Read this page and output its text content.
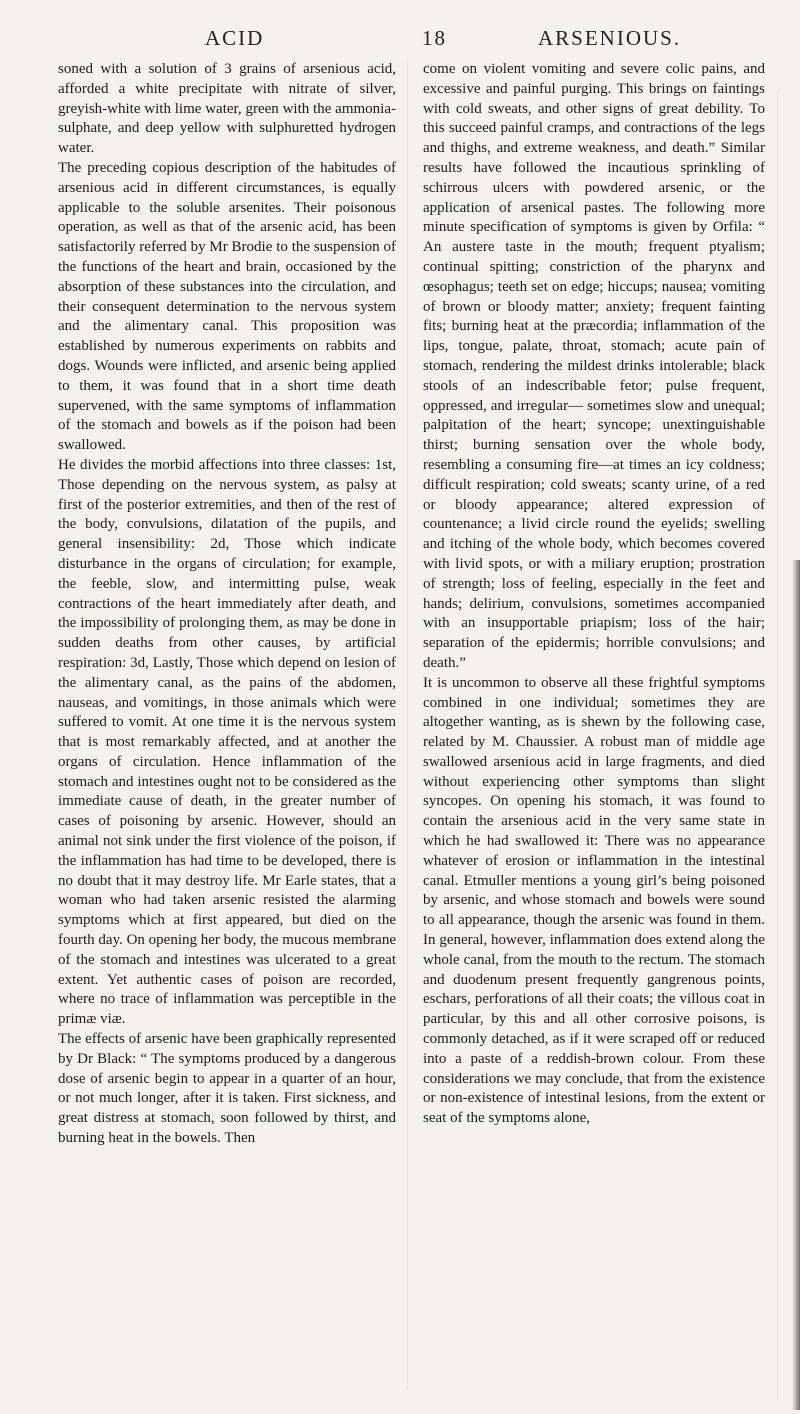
ACID	18	ARSENIOUS.

soned with a solution of 3 grains of arsenious acid, afforded a white precipitate with nitrate of silver, greyish-white with lime water, green with the ammonia-sulphate, and deep yellow with sulphuretted hydrogen water.

The preceding copious description of the habitudes of arsenious acid in different circumstances, is equally applicable to the soluble arsenites. Their poisonous operation, as well as that of the arsenic acid, has been satisfactorily referred by Mr Brodie to the suspension of the functions of the heart and brain, occasioned by the absorption of these substances into the circulation, and their consequent determination to the nervous system and the alimentary canal. This proposition was established by numerous experiments on rabbits and dogs. Wounds were inflicted, and arsenic being applied to them, it was found that in a short time death supervened, with the same symptoms of inflammation of the stomach and bowels as if the poison had been swallowed.

He divides the morbid affections into three classes: 1st, Those depending on the nervous system, as palsy at first of the posterior extremities, and then of the rest of the body, convulsions, dilatation of the pupils, and general insensibility: 2d, Those which indicate disturbance in the organs of circulation; for example, the feeble, slow, and intermitting pulse, weak contractions of the heart immediately after death, and the impossibility of prolonging them, as may be done in sudden deaths from other causes, by artificial respiration: 3d, Lastly, Those which depend on lesion of the alimentary canal, as the pains of the abdomen, nauseas, and vomitings, in those animals which were suffered to vomit. At one time it is the nervous system that is most remarkably affected, and at another the organs of circulation. Hence inflammation of the stomach and intestines ought not to be considered as the immediate cause of death, in the greater number of cases of poisoning by arsenic. However, should an animal not sink under the first violence of the poison, if the inflammation has had time to be developed, there is no doubt that it may destroy life. Mr Earle states, that a woman who had taken arsenic resisted the alarming symptoms which at first appeared, but died on the fourth day. On opening her body, the mucous membrane of the stomach and intestines was ulcerated to a great extent. Yet authentic cases of poison are recorded, where no trace of inflammation was perceptible in the primæ viæ.

The effects of arsenic have been graphically represented by Dr Black: “ The symptoms produced by a dangerous dose of arsenic begin to appear in a quarter of an hour, or not much longer, after it is taken. First sickness, and great distress at stomach, soon followed by thirst, and burning heat in the bowels. Then

come on violent vomiting and severe colic pains, and excessive and painful purging. This brings on faintings with cold sweats, and other signs of great debility. To this succeed painful cramps, and contractions of the legs and thighs, and extreme weakness, and death.” Similar results have followed the incautious sprinkling of schirrous ulcers with powdered arsenic, or the application of arsenical pastes. The following more minute specification of symptoms is given by Orfila: “ An austere taste in the mouth; frequent ptyalism; continual spitting; constriction of the pharynx and œsophagus; teeth set on edge; hiccups; nausea; vomiting of brown or bloody matter; anxiety; frequent fainting fits; burning heat at the præcordia; inflammation of the lips, tongue, palate, throat, stomach; acute pain of stomach, rendering the mildest drinks intolerable; black stools of an indescribable fetor; pulse frequent, oppressed, and irregular— sometimes slow and unequal; palpitation of the heart; syncope; unextinguishable thirst; burning sensation over the whole body, resembling a consuming fire—at times an icy coldness; difficult respiration; cold sweats; scanty urine, of a red or bloody appearance; altered expression of countenance; a livid circle round the eyelids; swelling and itching of the whole body, which becomes covered with livid spots, or with a miliary eruption; prostration of strength; loss of feeling, especially in the feet and hands; delirium, convulsions, sometimes accompanied with an insupportable priapism; loss of the hair; separation of the epidermis; horrible convulsions; and death.”

It is uncommon to observe all these frightful symptoms combined in one individual; sometimes they are altogether wanting, as is shewn by the following case, related by M. Chaussier. A robust man of middle age swallowed arsenious acid in large fragments, and died without experiencing other symptoms than slight syncopes. On opening his stomach, it was found to contain the arsenious acid in the very same state in which he had swallowed it: There was no appearance whatever of erosion or inflammation in the intestinal canal. Etmuller mentions a young girl’s being poisoned by arsenic, and whose stomach and bowels were sound to all appearance, though the arsenic was found in them. In general, however, inflammation does extend along the whole canal, from the mouth to the rectum. The stomach and duodenum present frequently gangrenous points, eschars, perforations of all their coats; the villous coat in particular, by this and all other corrosive poisons, is commonly detached, as if it were scraped off or reduced into a paste of a reddish-brown colour. From these considerations we may conclude, that from the existence or non-existence of intestinal lesions, from the extent or seat of the symptoms alone,
